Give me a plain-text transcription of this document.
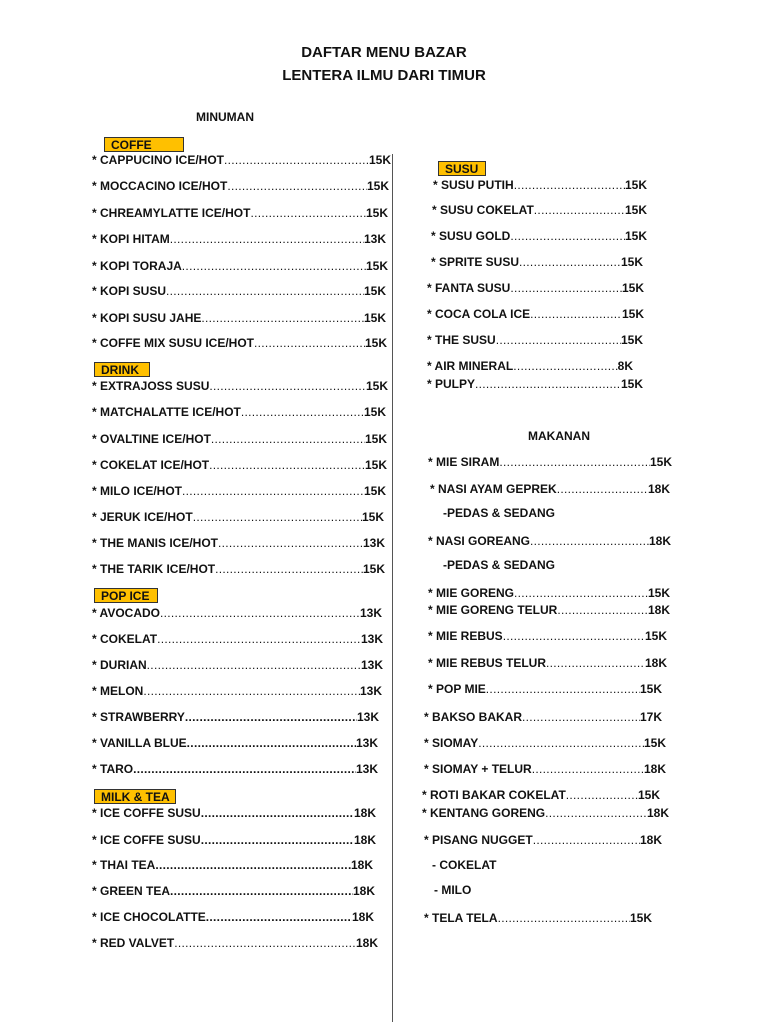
DAFTAR MENU BAZAR
LENTERA ILMU DARI TIMUR
MINUMAN
MAKANAN
COFFE
SUSU
DRINK
POP ICE
MILK & TEA
* CAPPUCINO ICE/HOT .....	15K
* MOCCACINO ICE/HOT .....	15K
* CHREAMYLATTE ICE/HOT .....	15K
* KOPI HITAM .....	13K
* KOPI TORAJA .....	15K
* KOPI SUSU .....	15K
* KOPI SUSU JAHE .....	15K
* COFFE MIX SUSU ICE/HOT .....	15K
* EXTRAJOSS SUSU .....	15K
* MATCHALATTE ICE/HOT .....	15K
* OVALTINE ICE/HOT .....	15K
* COKELAT ICE/HOT .....	15K
* MILO ICE/HOT .....	15K
* JERUK ICE/HOT .....	15K
* THE MANIS ICE/HOT .....	13K
* THE TARIK ICE/HOT .....	15K
* AVOCADO .....	13K
* COKELAT .....	13K
* DURIAN .....	13K
* MELON .....	13K
* STRAWBERRY .....	13K
* VANILLA BLUE .....	13K
* TARO .....	13K
* ICE COFFE SUSU .....	18K
* ICE COFFE SUSU .....	18K
* THAI TEA .....	18K
* GREEN TEA .....	18K
* ICE CHOCOLATTE .....	18K
* RED VALVET .....	18K
* SUSU PUTIH .....	15K
* SUSU COKELAT .....	15K
* SUSU GOLD .....	15K
* SPRITE SUSU .....	15K
* FANTA SUSU .....	15K
* COCA COLA ICE .....	15K
* THE SUSU .....	15K
* AIR MINERAL .....	8K
* PULPY .....	15K
* MIE SIRAM .....	15K
* NASI AYAM GEPREK .....	18K
-PEDAS & SEDANG
* NASI GOREANG .....	18K
-PEDAS & SEDANG
* MIE GORENG .....	15K
* MIE GORENG TELUR .....	18K
* MIE REBUS .....	15K
* MIE REBUS TELUR .....	18K
* POP MIE .....	15K
* BAKSO BAKAR .....	17K
* SIOMAY .....	15K
* SIOMAY + TELUR .....	18K
* ROTI BAKAR COKELAT .....	15K
* KENTANG GORENG .....	18K
* PISANG NUGGET .....	18K
- COKELAT
- MILO
* TELA TELA .....	15K
